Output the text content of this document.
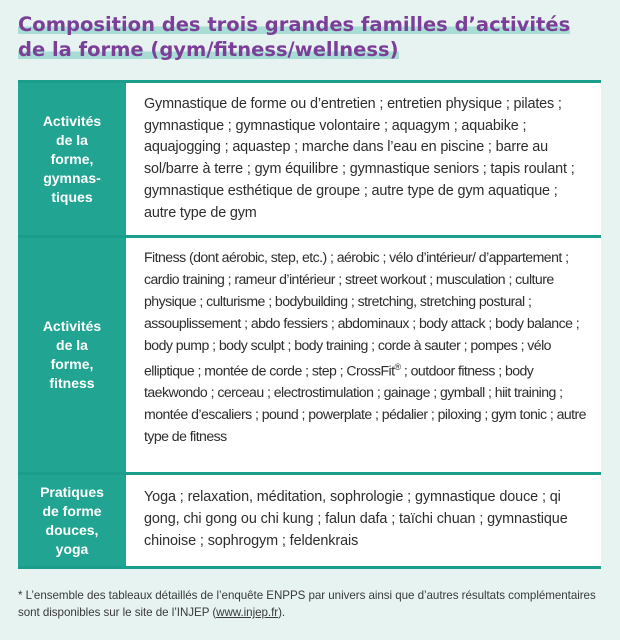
Composition des trois grandes familles d’activités
de la forme (gym/fitness/wellness)
Activités
de la
forme,
gymnas-
tiques
Gymnastique de forme ou d’entretien ; entretien physique ; pilates ; gymnastique ; gymnastique volontaire ; aquagym ; aquabike ; aquajogging ; aquastep ; marche dans l’eau en piscine ; barre au sol/barre à terre ; gym équilibre ; gymnastique seniors ; tapis roulant ; gymnastique esthétique de groupe ; autre type de gym aquatique ; autre type de gym
Activités
de la
forme,
fitness
Fitness (dont aérobic, step, etc.) ; aérobic ; vélo d’intérieur/ d’appartement ; cardio training ; rameur d’intérieur ; street workout ; musculation ; culture physique ; culturisme ; bodybuilding ; stretching, stretching postural ; assouplissement ; abdo fessiers ; abdominaux ; body attack ; body balance ; body pump ; body sculpt ; body training ; corde à sauter ; pompes ; vélo elliptique ; montée de corde ; step ; CrossFit® ; outdoor fitness ; body taekwondo ; cerceau ; electrostimulation ; gainage ; gymball ; hiit training ; montée d’escaliers ; pound ; powerplate ; pédalier ; piloxing ; gym tonic ; autre type de fitness
Pratiques
de forme
douces,
yoga
Yoga ; relaxation, méditation, sophrologie ; gymnastique douce ; qi gong, chi gong ou chi kung ; falun dafa ; taïchi chuan ; gymnastique chinoise ; sophrogym ; feldenkrais

* L’ensemble des tableaux détaillés de l’enquête ENPPS par univers ainsi que d’autres résultats complémentaires sont disponibles sur le site de l’INJEP (www.injep.fr).
